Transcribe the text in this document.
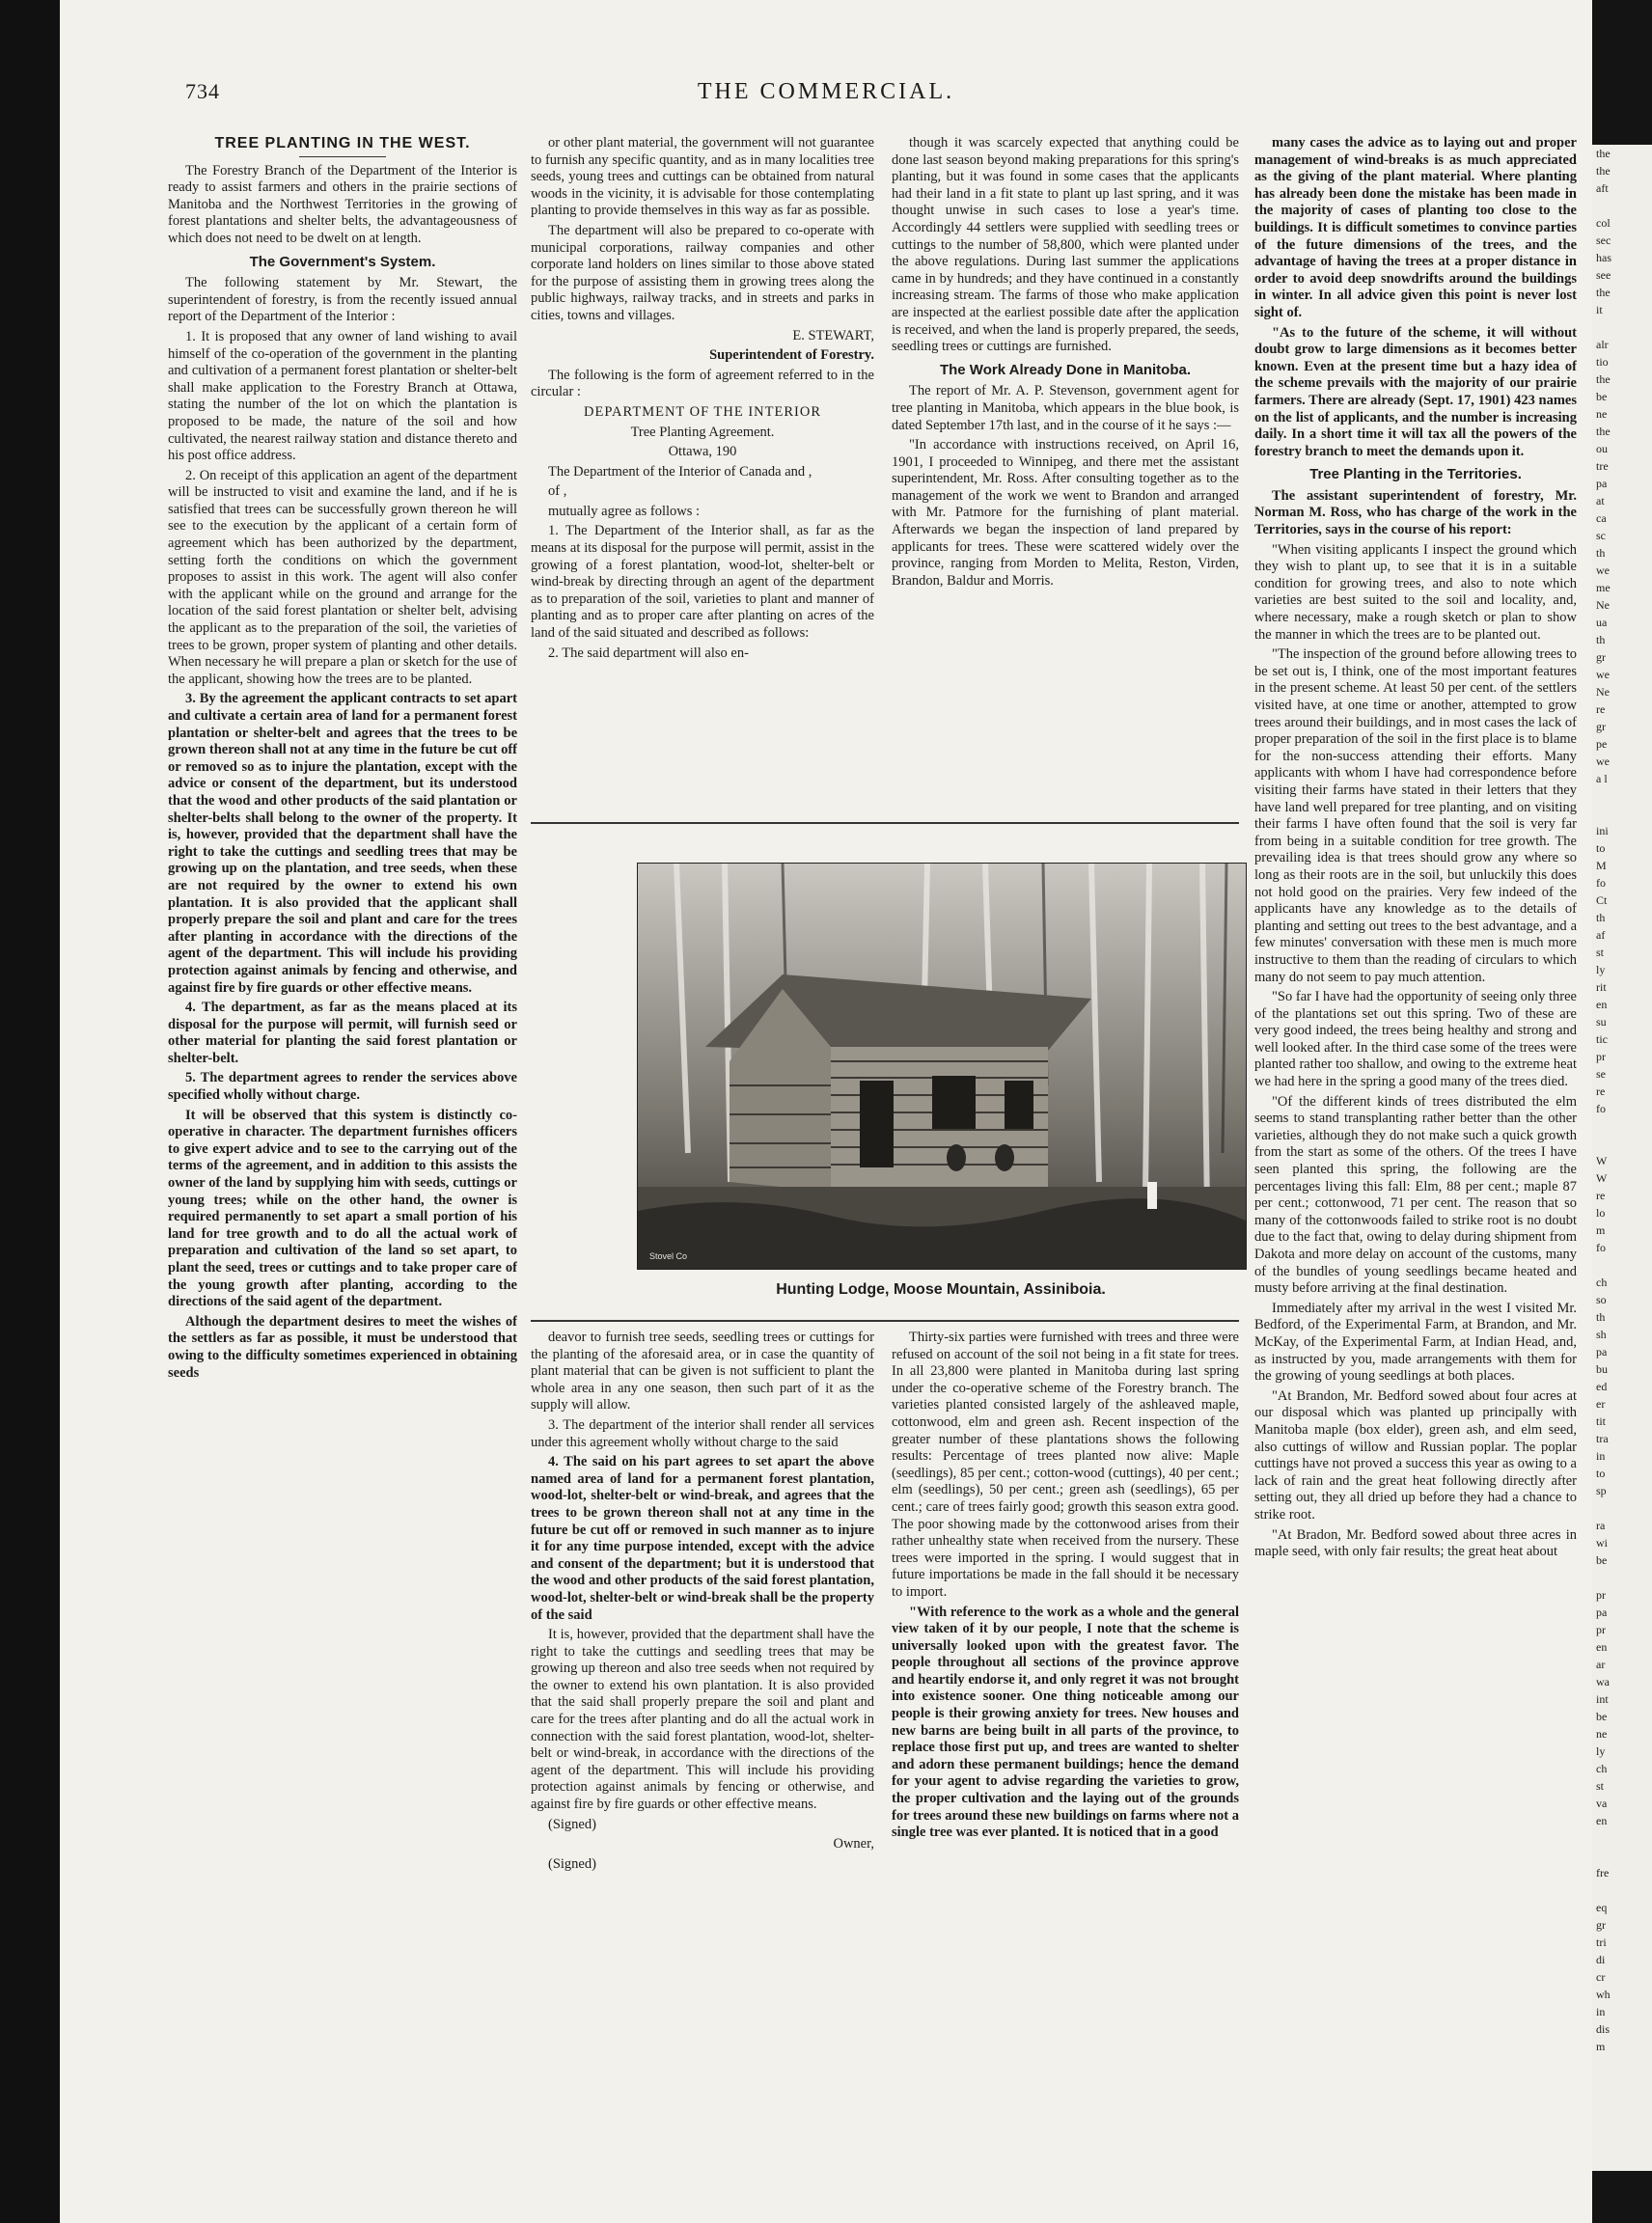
the
the
aft

col
sec
has
see
the
it

alr
tio
the
be
ne
the
ou
tre
pa
at
ca
sc
th
we
me
Ne
ua
th
gr
we
Ne
re
gr
pe
we
a l

ini
to
M
fo
Ct
th
af
st
ly
rit
en
su
tic
pr
se
re
fo

W
W
re
lo
m
fo

ch
so
th
sh
pa
bu
ed
er
tit
tra
in
to
sp

ra
wi
be

pr
pa
pr
en
ar
wa
int
be
ne
ly
ch
st
va
en

fre

eq
gr
tri
di
cr
wh
in
dis
m
734	THE COMMERCIAL.
TREE PLANTING IN THE WEST.

The Forestry Branch of the Department of the Interior is ready to assist farmers and others in the prairie sections of Manitoba and the Northwest Territories in the growing of forest plantations and shelter belts, the advantageousness of which does not need to be dwelt on at length.

The Government's System.

The following statement by Mr. Stewart, the superintendent of forestry, is from the recently issued annual report of the Department of the Interior :

1. It is proposed that any owner of land wishing to avail himself of the co-operation of the government in the planting and cultivation of a permanent forest plantation or shelter-belt shall make application to the Forestry Branch at Ottawa, stating the number of the lot on which the plantation is proposed to be made, the nature of the soil and how cultivated, the nearest railway station and distance thereto and his post office address.

2. On receipt of this application an agent of the department will be instructed to visit and examine the land, and if he is satisfied that trees can be successfully grown thereon he will see to the execution by the applicant of a certain form of agreement which has been authorized by the department, setting forth the conditions on which the government proposes to assist in this work. The agent will also confer with the applicant while on the ground and arrange for the location of the said forest plantation or shelter belt, advising the applicant as to the preparation of the soil, the varieties of trees to be grown, proper system of planting and other details. When necessary he will prepare a plan or sketch for the use of the applicant, showing how the trees are to be planted.

3. By the agreement the applicant contracts to set apart and cultivate a certain area of land for a permanent forest plantation or shelter-belt and agrees that the trees to be grown thereon shall not at any time in the future be cut off or removed so as to injure the plantation, except with the advice or consent of the department, but its understood that the wood and other products of the said plantation or shelter-belts shall belong to the owner of the property. It is, however, provided that the department shall have the right to take the cuttings and seedling trees that may be growing up on the plantation, and tree seeds, when these are not required by the owner to extend his own plantation. It is also provided that the applicant shall properly prepare the soil and plant and care for the trees after planting in accordance with the directions of the agent of the department. This will include his providing protection against animals by fencing and otherwise, and against fire by fire guards or other effective means.

4. The department, as far as the means placed at its disposal for the purpose will permit, will furnish seed or other material for planting the said forest plantation or shelter-belt.

5. The department agrees to render the services above specified wholly without charge.

It will be observed that this system is distinctly co-operative in character. The department furnishes officers to give expert advice and to see to the carrying out of the terms of the agreement, and in addition to this assists the owner of the land by supplying him with seeds, cuttings or young trees; while on the other hand, the owner is required permanently to set apart a small portion of his land for tree growth and to do all the actual work of preparation and cultivation of the land so set apart, to plant the seed, trees or cuttings and to take proper care of the young growth after planting, according to the directions of the said agent of the department.

Although the department desires to meet the wishes of the settlers as far as possible, it must be understood that owing to the difficulty sometimes experienced in obtaining seeds

or other plant material, the government will not guarantee to furnish any specific quantity, and as in many localities tree seeds, young trees and cuttings can be obtained from natural woods in the vicinity, it is advisable for those contemplating planting to provide themselves in this way as far as possible.

The department will also be prepared to co-operate with municipal corporations, railway companies and other corporate land holders on lines similar to those above stated for the purpose of assisting them in growing trees along the public highways, railway tracks, and in streets and parks in cities, towns and villages.

E. STEWART,

Superintendent of Forestry.

The following is the form of agreement referred to in the circular :

DEPARTMENT OF THE INTERIOR

Tree Planting Agreement.

Ottawa, 190

The Department of the Interior of Canada and ,

of ,

mutually agree as follows :

1. The Department of the Interior shall, as far as the means at its disposal for the purpose will permit, assist in the growing of a forest plantation, wood-lot, shelter-belt or wind-break by directing through an agent of the department as to preparation of the soil, varieties to plant and manner of planting and as to proper care after planting on acres of the land of the said situated and described as follows:

2. The said department will also en-

though it was scarcely expected that anything could be done last season beyond making preparations for this spring's planting, but it was found in some cases that the applicants had their land in a fit state to plant up last spring, and it was thought unwise in such cases to lose a year's time. Accordingly 44 settlers were supplied with seedling trees or cuttings to the number of 58,800, which were planted under the above regulations. During last summer the applications came in by hundreds; and they have continued in a constantly increasing stream. The farms of those who make application are inspected at the earliest possible date after the application is received, and when the land is properly prepared, the seeds, seedling trees or cuttings are furnished.

The Work Already Done in Manitoba.

The report of Mr. A. P. Stevenson, government agent for tree planting in Manitoba, which appears in the blue book, is dated September 17th last, and in the course of it he says :—

"In accordance with instructions received, on April 16, 1901, I proceeded to Winnipeg, and there met the assistant superintendent, Mr. Ross. After consulting together as to the management of the work we went to Brandon and arranged with Mr. Patmore for the furnishing of plant material. Afterwards we began the inspection of land prepared by applicants for trees. These were scattered widely over the province, ranging from Morden to Melita, Reston, Virden, Brandon, Baldur and Morris.

Stovel Co
Hunting Lodge, Moose Mountain, Assiniboia.

deavor to furnish tree seeds, seedling trees or cuttings for the planting of the aforesaid area, or in case the quantity of plant material that can be given is not sufficient to plant the whole area in any one season, then such part of it as the supply will allow.

3. The department of the interior shall render all services under this agreement wholly without charge to the said

4. The said on his part agrees to set apart the above named area of land for a permanent forest plantation, wood-lot, shelter-belt or wind-break, and agrees that the trees to be grown thereon shall not at any time in the future be cut off or removed in such manner as to injure it for any time purpose intended, except with the advice and consent of the department; but it is understood that the wood and other products of the said forest plantation, wood-lot, shelter-belt or wind-break shall be the property of the said

It is, however, provided that the department shall have the right to take the cuttings and seedling trees that may be growing up thereon and also tree seeds when not required by the owner to extend his own plantation. It is also provided that the said shall properly prepare the soil and plant and care for the trees after planting and do all the actual work in connection with the said forest plantation, wood-lot, shelter-belt or wind-break, in accordance with the directions of the agent of the department. This will include his providing protection against animals by fencing or otherwise, and against fire by fire guards or other effective means.

(Signed)

Owner,

(Signed)

Thirty-six parties were furnished with trees and three were refused on account of the soil not being in a fit state for trees. In all 23,800 were planted in Manitoba during last spring under the co-operative scheme of the Forestry branch. The varieties planted consisted largely of the ashleaved maple, cottonwood, elm and green ash. Recent inspection of the greater number of these plantations shows the following results: Percentage of trees planted now alive: Maple (seedlings), 85 per cent.; cotton-wood (cuttings), 40 per cent.; elm (seedlings), 50 per cent.; green ash (seedlings), 65 per cent.; care of trees fairly good; growth this season extra good. The poor showing made by the cottonwood arises from their rather unhealthy state when received from the nursery. These trees were imported in the spring. I would suggest that in future importations be made in the fall should it be necessary to import.

"With reference to the work as a whole and the general view taken of it by our people, I note that the scheme is universally looked upon with the greatest favor. The people throughout all sections of the province approve and heartily endorse it, and only regret it was not brought into existence sooner. One thing noticeable among our people is their growing anxiety for trees. New houses and new barns are being built in all parts of the province, to replace those first put up, and trees are wanted to shelter and adorn these permanent buildings; hence the demand for your agent to advise regarding the varieties to grow, the proper cultivation and the laying out of the grounds for trees around these new buildings on farms where not a single tree was ever planted. It is noticed that in a good

many cases the advice as to laying out and proper management of wind-breaks is as much appreciated as the giving of the plant material. Where planting has already been done the mistake has been made in the majority of cases of planting too close to the buildings. It is difficult sometimes to convince parties of the future dimensions of the trees, and the advantage of having the trees at a proper distance in order to avoid deep snowdrifts around the buildings in winter. In all advice given this point is never lost sight of.

"As to the future of the scheme, it will without doubt grow to large dimensions as it becomes better known. Even at the present time but a hazy idea of the scheme prevails with the majority of our prairie farmers. There are already (Sept. 17, 1901) 423 names on the list of applicants, and the number is increasing daily. In a short time it will tax all the powers of the forestry branch to meet the demands upon it.

Tree Planting in the Territories.

The assistant superintendent of forestry, Mr. Norman M. Ross, who has charge of the work in the Territories, says in the course of his report:

"When visiting applicants I inspect the ground which they wish to plant up, to see that it is in a suitable condition for growing trees, and also to note which varieties are best suited to the soil and locality, and, where necessary, make a rough sketch or plan to show the manner in which the trees are to be planted out.

"The inspection of the ground before allowing trees to be set out is, I think, one of the most important features in the present scheme. At least 50 per cent. of the settlers visited have, at one time or another, attempted to grow trees around their buildings, and in most cases the lack of proper preparation of the soil in the first place is to blame for the non-success attending their efforts. Many applicants with whom I have had correspondence before visiting their farms have stated in their letters that they have land well prepared for tree planting, and on visiting their farms I have often found that the soil is very far from being in a suitable condition for tree growth. The prevailing idea is that trees should grow any where so long as their roots are in the soil, but unluckily this does not hold good on the prairies. Very few indeed of the applicants have any knowledge as to the details of planting and setting out trees to the best advantage, and a few minutes' conversation with these men is much more instructive to them than the reading of circulars to which many do not seem to pay much attention.

"So far I have had the opportunity of seeing only three of the plantations set out this spring. Two of these are very good indeed, the trees being healthy and strong and well looked after. In the third case some of the trees were planted rather too shallow, and owing to the extreme heat we had here in the spring a good many of the trees died.

"Of the different kinds of trees distributed the elm seems to stand transplanting rather better than the other varieties, although they do not make such a quick growth from the start as some of the others. Of the trees I have seen planted this spring, the following are the percentages living this fall: Elm, 88 per cent.; maple 87 per cent.; cottonwood, 71 per cent. The reason that so many of the cottonwoods failed to strike root is no doubt due to the fact that, owing to delay during shipment from Dakota and more delay on account of the customs, many of the bundles of young seedlings became heated and musty before arriving at the final destination.

Immediately after my arrival in the west I visited Mr. Bedford, of the Experimental Farm, at Brandon, and Mr. McKay, of the Experimental Farm, at Indian Head, and, as instructed by you, made arrangements with them for the growing of young seedlings at both places.

"At Brandon, Mr. Bedford sowed about four acres at our disposal which was planted up principally with Manitoba maple (box elder), green ash, and elm seed, also cuttings of willow and Russian poplar. The poplar cuttings have not proved a success this year as owing to a lack of rain and the great heat following directly after setting out, they all dried up before they had a chance to strike root.

"At Bradon, Mr. Bedford sowed about three acres in maple seed, with only fair results; the great heat about
